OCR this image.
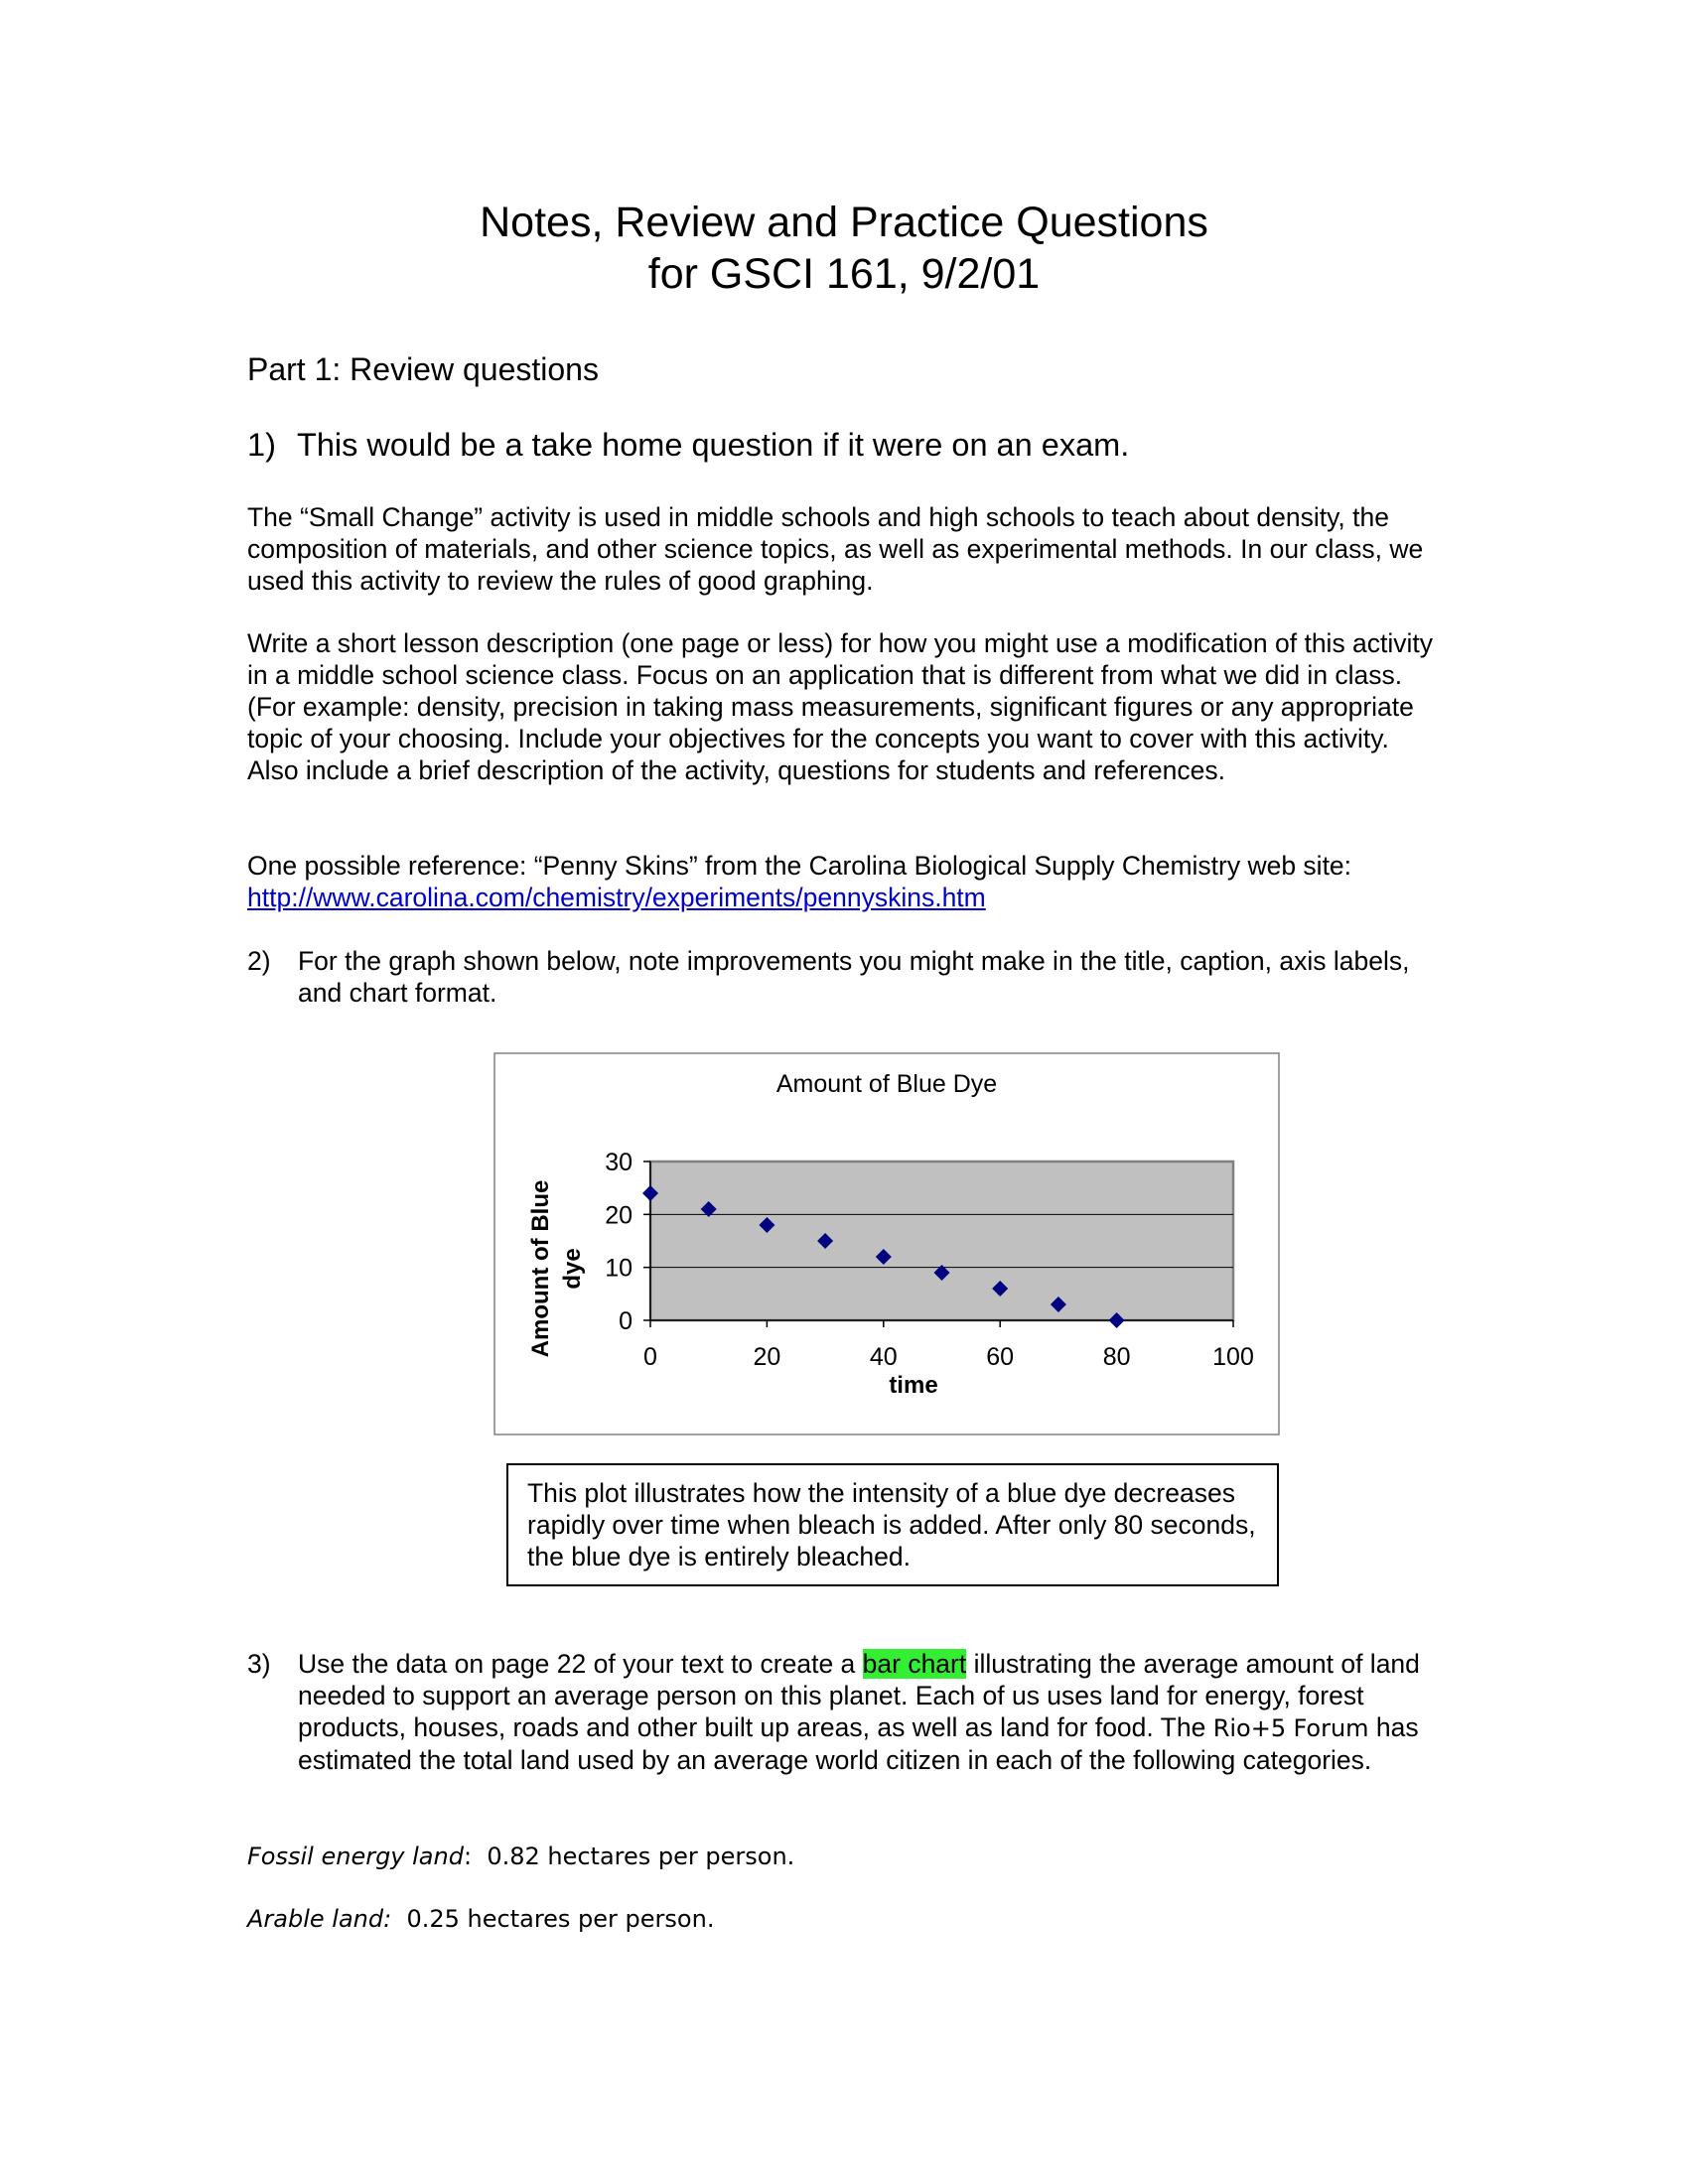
Notes, Review and Practice Questions
for GSCI 161, 9/2/01
Part 1: Review questions
1) This would be a take home question if it were on an exam.
The “Small Change” activity is used in middle schools and high schools to teach about density, the composition of materials, and other science topics, as well as experimental methods. In our class, we used this activity to review the rules of good graphing.
Write a short lesson description (one page or less) for how you might use a modification of this activity in a middle school science class. Focus on an application that is different from what we did in class. (For example: density, precision in taking mass measurements, significant figures or any appropriate topic of your choosing. Include your objectives for the concepts you want to cover with this activity. Also include a brief description of the activity, questions for students and references.
One possible reference: “Penny Skins” from the Carolina Biological Supply Chemistry web site:
http://www.carolina.com/chemistry/experiments/pennyskins.htm
2) For the graph shown below, note improvements you might make in the title, caption, axis labels, and chart format.
Amount of Blue Dye
0
10
20
30
0	20	40	60	80	100
time
Amount of Blue dye
This plot illustrates how the intensity of a blue dye decreases rapidly over time when bleach is added. After only 80 seconds, the blue dye is entirely bleached.
3) Use the data on page 22 of your text to create a bar chart illustrating the average amount of land needed to support an average person on this planet. Each of us uses land for energy, forest products, houses, roads and other built up areas, as well as land for food. The Rio+5 Forum has estimated the total land used by an average world citizen in each of the following categories.
Fossil energy land:  0.82 hectares per person.
Arable land:  0.25 hectares per person.
